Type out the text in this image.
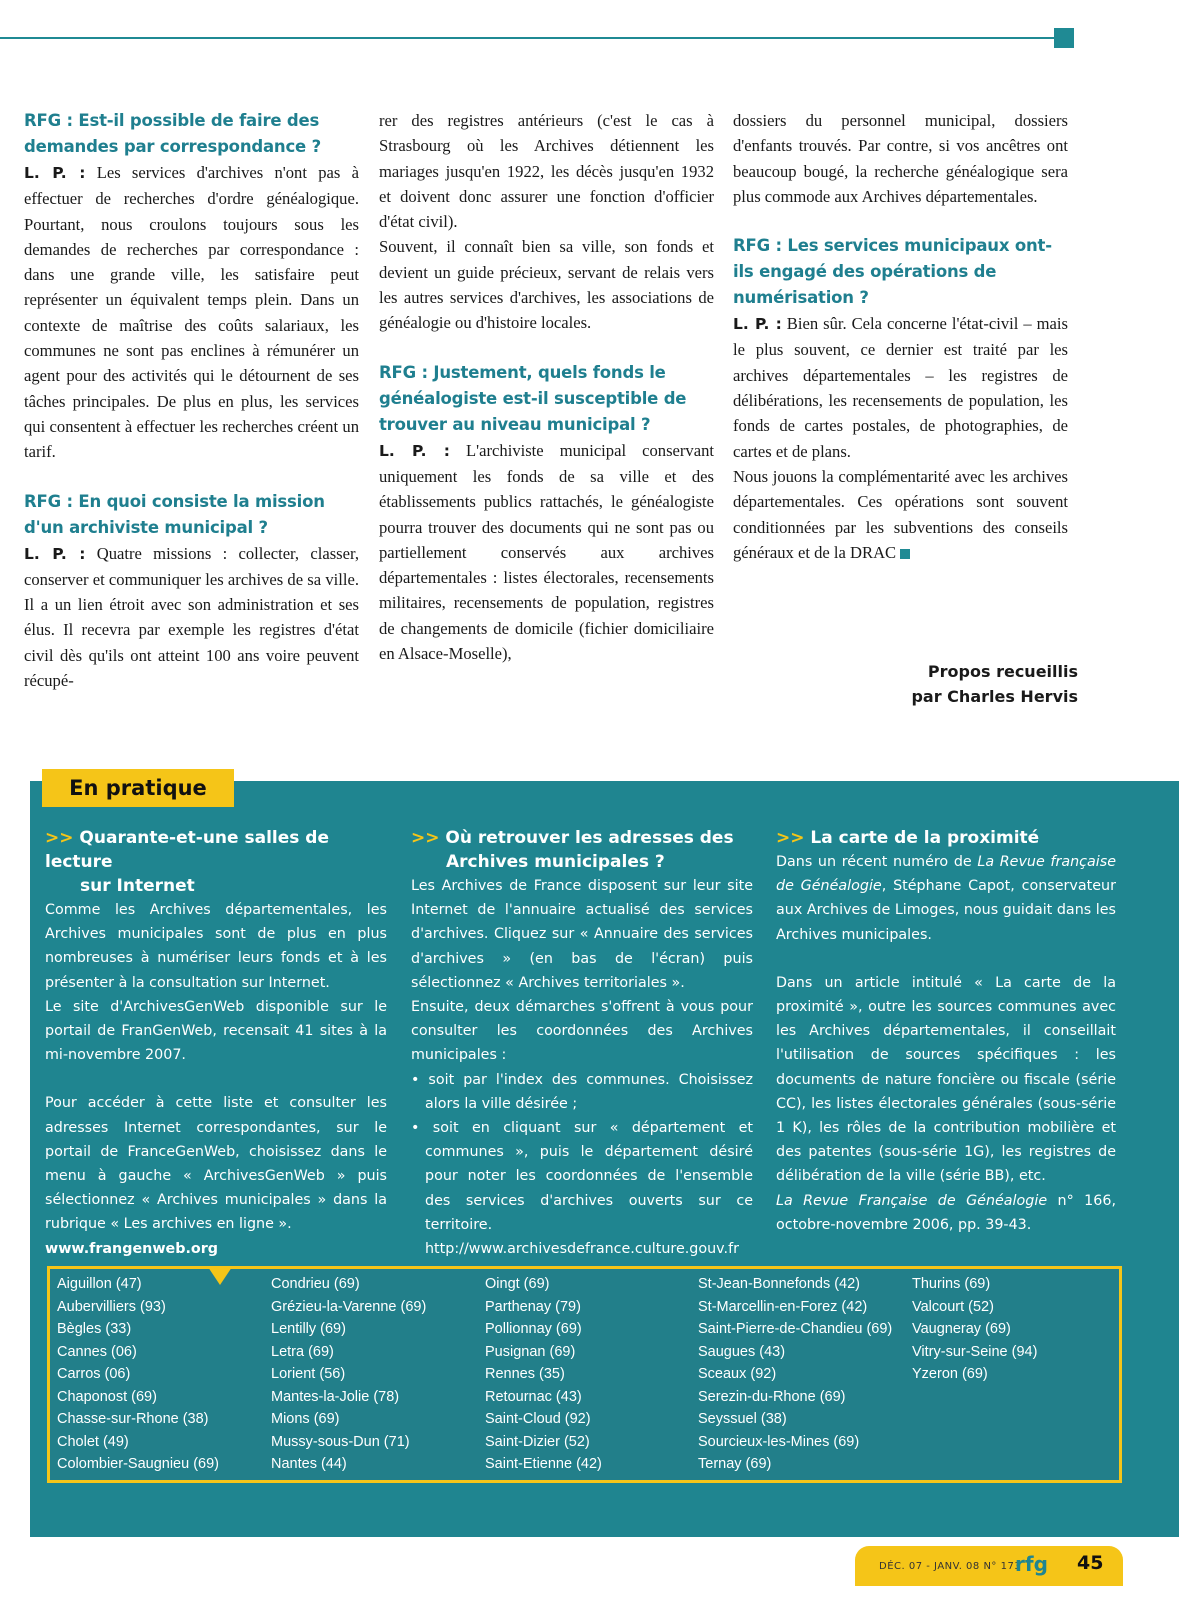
RFG : Est-il possible de faire des demandes par correspondance ?

L. P. : Les services d'archives n'ont pas à effectuer de recherches d'ordre généalogique. Pourtant, nous croulons toujours sous les demandes de recherches par correspondance : dans une grande ville, les satisfaire peut représenter un équivalent temps plein. Dans un contexte de maîtrise des coûts salariaux, les communes ne sont pas enclines à rémunérer un agent pour des activités qui le détournent de ses tâches principales. De plus en plus, les services qui consentent à effectuer les recherches créent un tarif.

RFG : En quoi consiste la mission d'un archiviste municipal ?

L. P. : Quatre missions : collecter, classer, conserver et communiquer les archives de sa ville. Il a un lien étroit avec son administration et ses élus. Il recevra par exemple les registres d'état civil dès qu'ils ont atteint 100 ans voire peuvent récupé-

rer des registres antérieurs (c'est le cas à Strasbourg où les Archives détiennent les mariages jusqu'en 1922, les décès jusqu'en 1932 et doivent donc assurer une fonction d'officier d'état civil).

Souvent, il connaît bien sa ville, son fonds et devient un guide précieux, servant de relais vers les autres services d'archives, les associations de généalogie ou d'histoire locales.

RFG : Justement, quels fonds le généalogiste est-il susceptible de trouver au niveau municipal ?

L. P. : L'archiviste municipal conservant uniquement les fonds de sa ville et des établissements publics rattachés, le généalogiste pourra trouver des documents qui ne sont pas ou partiellement conservés aux archives départementales : listes électorales, recensements militaires, recensements de population, registres de changements de domicile (fichier domiciliaire en Alsace-Moselle),

dossiers du personnel municipal, dossiers d'enfants trouvés. Par contre, si vos ancêtres ont beaucoup bougé, la recherche généalogique sera plus commode aux Archives départementales.

RFG : Les services municipaux ont-ils engagé des opérations de numérisation ?

L. P. : Bien sûr. Cela concerne l'état-civil – mais le plus souvent, ce dernier est traité par les archives départementales – les registres de délibérations, les recensements de population, les fonds de cartes postales, de photographies, de cartes et de plans.

Nous jouons la complémentarité avec les archives départementales. Ces opérations sont souvent conditionnées par les subventions des conseils généraux et de la DRAC

Propos recueillis
par Charles Hervis
En pratique

>> Quarante-et-une salles de lecture
sur Internet

Comme les Archives départementales, les Archives municipales sont de plus en plus nombreuses à numériser leurs fonds et à les présenter à la consultation sur Internet.

Le site d'ArchivesGenWeb disponible sur le portail de FranGenWeb, recensait 41 sites à la mi-novembre 2007.

Pour accéder à cette liste et consulter les adresses Internet correspondantes, sur le portail de FranceGenWeb, choisissez dans le menu à gauche « ArchivesGenWeb » puis sélectionnez « Archives municipales » dans la rubrique « Les archives en ligne ».

www.frangenweb.org

>> Où retrouver les adresses des
Archives municipales ?

Les Archives de France disposent sur leur site Internet de l'annuaire actualisé des services d'archives. Cliquez sur « Annuaire des services d'archives » (en bas de l'écran) puis sélectionnez « Archives territoriales ».

Ensuite, deux démarches s'offrent à vous pour consulter les coordonnées des Archives municipales :

• soit par l'index des communes. Choisissez alors la ville désirée ;

• soit en cliquant sur « département et communes », puis le département désiré pour noter les coordonnées de l'ensemble des services d'archives ouverts sur ce territoire.

http://www.archivesdefrance.culture.gouv.fr

>> La carte de la proximité

Dans un récent numéro de La Revue française de Généalogie, Stéphane Capot, conservateur aux Archives de Limoges, nous guidait dans les Archives municipales.

Dans un article intitulé « La carte de la proximité », outre les sources communes avec les Archives départementales, il conseillait l'utilisation de sources spécifiques : les documents de nature foncière ou fiscale (série CC), les listes électorales générales (sous-série 1 K), les rôles de la contribution mobilière et des patentes (sous-série 1G), les registres de délibération de la ville (série BB), etc.

La Revue Française de Généalogie n° 166, octobre-novembre 2006, pp. 39-43.

Aiguillon (47)
Aubervilliers (93)
Bègles (33)
Cannes (06)
Carros (06)
Chaponost (69)
Chasse-sur-Rhone (38)
Cholet (49)
Colombier-Saugnieu (69)
Condrieu (69)
Grézieu-la-Varenne (69)
Lentilly (69)
Letra (69)
Lorient (56)
Mantes-la-Jolie (78)
Mions (69)
Mussy-sous-Dun (71)
Nantes (44)
Oingt (69)
Parthenay (79)
Pollionnay (69)
Pusignan (69)
Rennes (35)
Retournac (43)
Saint-Cloud (92)
Saint-Dizier (52)
Saint-Etienne (42)
St-Jean-Bonnefonds (42)
St-Marcellin-en-Forez (42)
Saint-Pierre-de-Chandieu (69)
Saugues (43)
Sceaux (92)
Serezin-du-Rhone (69)
Seyssuel (38)
Sourcieux-les-Mines (69)
Ternay (69)
Thurins (69)
Valcourt (52)
Vaugneray (69)
Vitry-sur-Seine (94)
Yzeron (69)
DÉC. 07 - JANV. 08 N° 173
rfg 45
